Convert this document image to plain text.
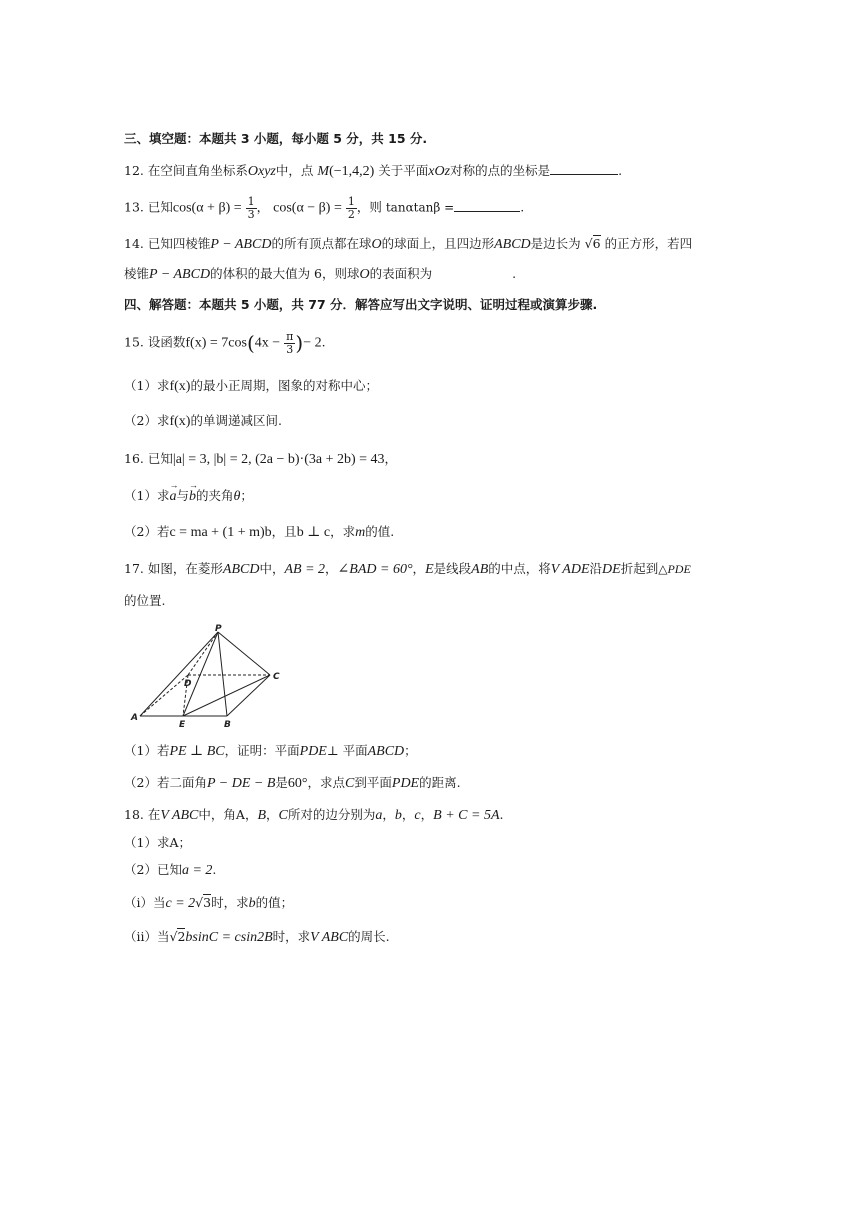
三、填空题：本题共 3 小题，每小题 5 分，共 15 分.
12. 在空间直角坐标系Oxyz中，点 M(−1,4,2) 关于平面xOz对称的点的坐标是	.
13. 已知$\cos(\alpha + \beta) = \frac{1}{3}$ ， $\cos(\alpha - \beta) = \frac{1}{2}$ ，则 tanαtanβ =	.
14. 已知四棱锥P − ABCD的所有顶点都在球O的球面上，且四边形ABCD是边长为 √6 的正方形，若四
棱锥P − ABCD的体积的最大值为 6，则球O的表面积为	.
四、解答题：本题共 5 小题，共 77 分．解答应写出文字说明、证明过程或演算步骤.
15. 设函数$f(x) = 7\cos(4x - \frac{\pi}{3}$ )− 2.
（1）求f(x)的最小正周期，图象的对称中心；
（2）求f(x)的单调递减区间.
16. 已知|a| = 3, |b| = 2, (2a − b)·(3a + 2b) = 43，
（1）求→ a与→ b的夹角θ；
（2）若c = ma + (1 + m)b，且b ⊥ c，求m的值.
17. 如图，在菱形ABCD中，AB = 2，∠BAD = 60°，E是线段AB的中点，将V ADE沿DE折起到△PDE
的位置.
P
C
D
A
E	B
（1）若PE ⊥ BC，证明：平面PDE⊥ 平面ABCD；
（2）若二面角P − DE − B是60°，求点C到平面PDE的距离.
18. 在V ABC中，角A，B，C所对的边分别为a，b，c，B + C = 5A.
（1）求A；
（2）已知a = 2.
（ⅰ）当c = 2√3时，求b的值；
（ⅱ）当√2bsinC = csin2B时，求V ABC的周长.
